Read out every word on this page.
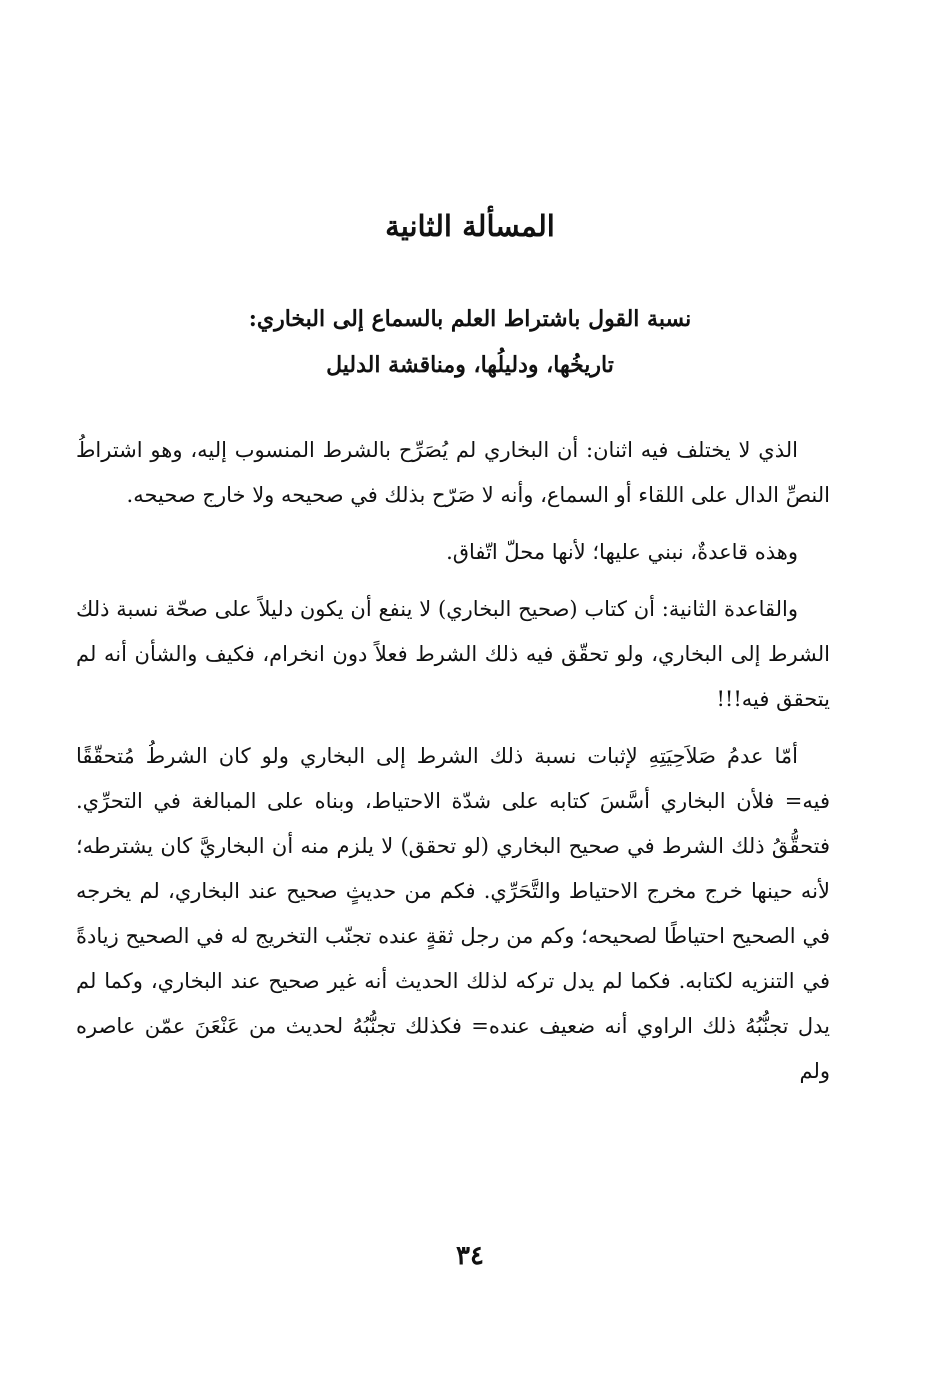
المسألة الثانية
نسبة القول باشتراط العلم بالسماع إلى البخاري:
تاريخُها، ودليلُها، ومناقشة الدليل

الذي لا يختلف فيه اثنان: أن البخاري لم يُصَرِّح بالشرط المنسوب إليه، وهو اشتراطُ النصِّ الدال على اللقاء أو السماع، وأنه لا صَرّح بذلك في صحيحه ولا خارج صحيحه.

وهذه قاعدةٌ، نبني عليها؛ لأنها محلّ اتّفاق.

والقاعدة الثانية: أن كتاب (صحيح البخاري) لا ينفع أن يكون دليلاً على صحّة نسبة ذلك الشرط إلى البخاري، ولو تحقّق فيه ذلك الشرط فعلاً دون انخرام، فكيف والشأن أنه لم يتحقق فيه!!!

أمّا عدمُ صَلاَحِيَتِهِ لإثبات نسبة ذلك الشرط إلى البخاري ولو كان الشرطُ مُتحقّقًا فيه= فلأن البخاري أسَّسَ كتابه على شدّة الاحتياط، وبناه على المبالغة في التحرِّي. فتحقُّقُ ذلك الشرط في صحيح البخاري (لو تحقق) لا يلزم منه أن البخاريَّ كان يشترطه؛ لأنه حينها خرج مخرج الاحتياط والتَّحَرِّي. فكم من حديثٍ صحيح عند البخاري، لم يخرجه في الصحيح احتياطًا لصحيحه؛ وكم من رجل ثقةٍ عنده تجنّب التخريج له في الصحيح زيادةً في التنزيه لكتابه. فكما لم يدل تركه لذلك الحديث أنه غير صحيح عند البخاري، وكما لم يدل تجنُّبُهُ ذلك الراوي أنه ضعيف عنده= فكذلك تجنُّبُهُ لحديث من عَنْعَنَ عمّن عاصره ولم

٣٤
